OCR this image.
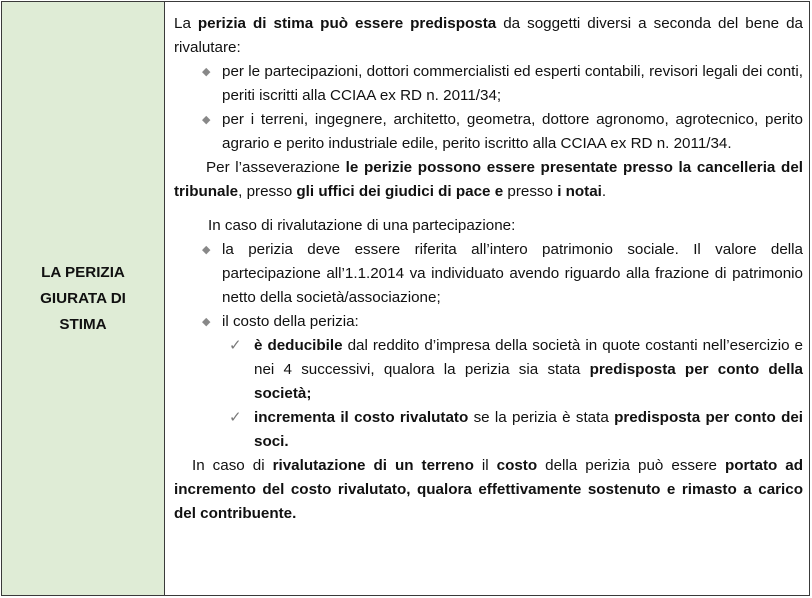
LA PERIZIA
GIURATA DI
STIMA

La perizia di stima può essere predisposta da soggetti diversi a seconda del bene da rivalutare:

◆ per le partecipazioni, dottori commercialisti ed esperti contabili, revisori legali dei conti, periti iscritti alla CCIAA ex RD n. 2011/34;
◆ per i terreni, ingegnere, architetto, geometra, dottore agronomo, agrotecnico, perito agrario e perito industriale edile, perito iscritto alla CCIAA ex RD n. 2011/34.

Per l’asseverazione le perizie possono essere presentate presso la cancelleria del tribunale, presso gli uffici dei giudici di pace e presso i notai.

In caso di rivalutazione di una partecipazione:

◆ la perizia deve essere riferita all’intero patrimonio sociale. Il valore della partecipazione all’1.1.2014 va individuato avendo riguardo alla frazione di patrimonio netto della società/associazione;
◆ il costo della perizia:
✓ è deducibile dal reddito d’impresa della società in quote costanti nell’esercizio e nei 4 successivi, qualora la perizia sia stata predisposta per conto della società;
✓ incrementa il costo rivalutato se la perizia è stata predisposta per conto dei soci.

In caso di rivalutazione di un terreno il costo della perizia può essere portato ad incremento del costo rivalutato, qualora effettivamente sostenuto e rimasto a carico del contribuente.
